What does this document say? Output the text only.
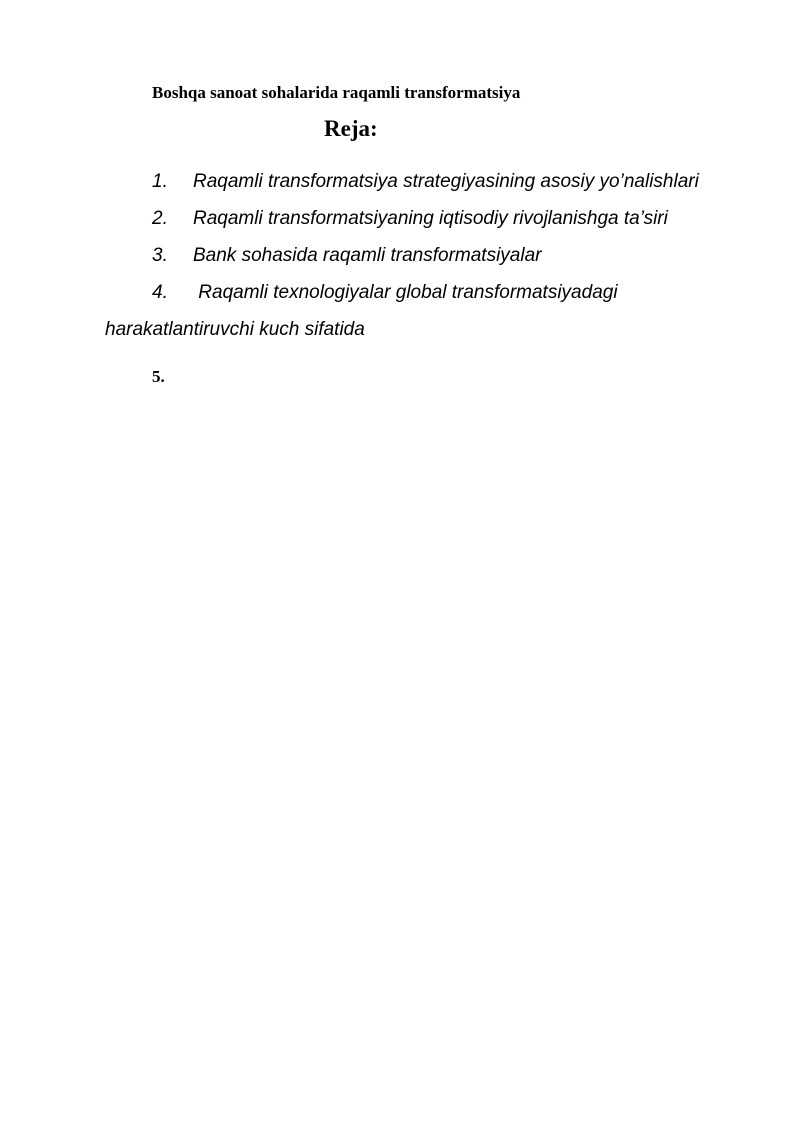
Boshqa sanoat sohalarida raqamli transformatsiya
Reja:
1. Raqamli transformatsiya strategiyasining asosiy yo’nalishlari
2. Raqamli transformatsiyaning iqtisodiy rivojlanishga ta’siri
3. Bank sohasida raqamli transformatsiyalar
4. Raqamli texnologiyalar global transformatsiyadagi
harakatlantiruvchi kuch sifatida
5.
